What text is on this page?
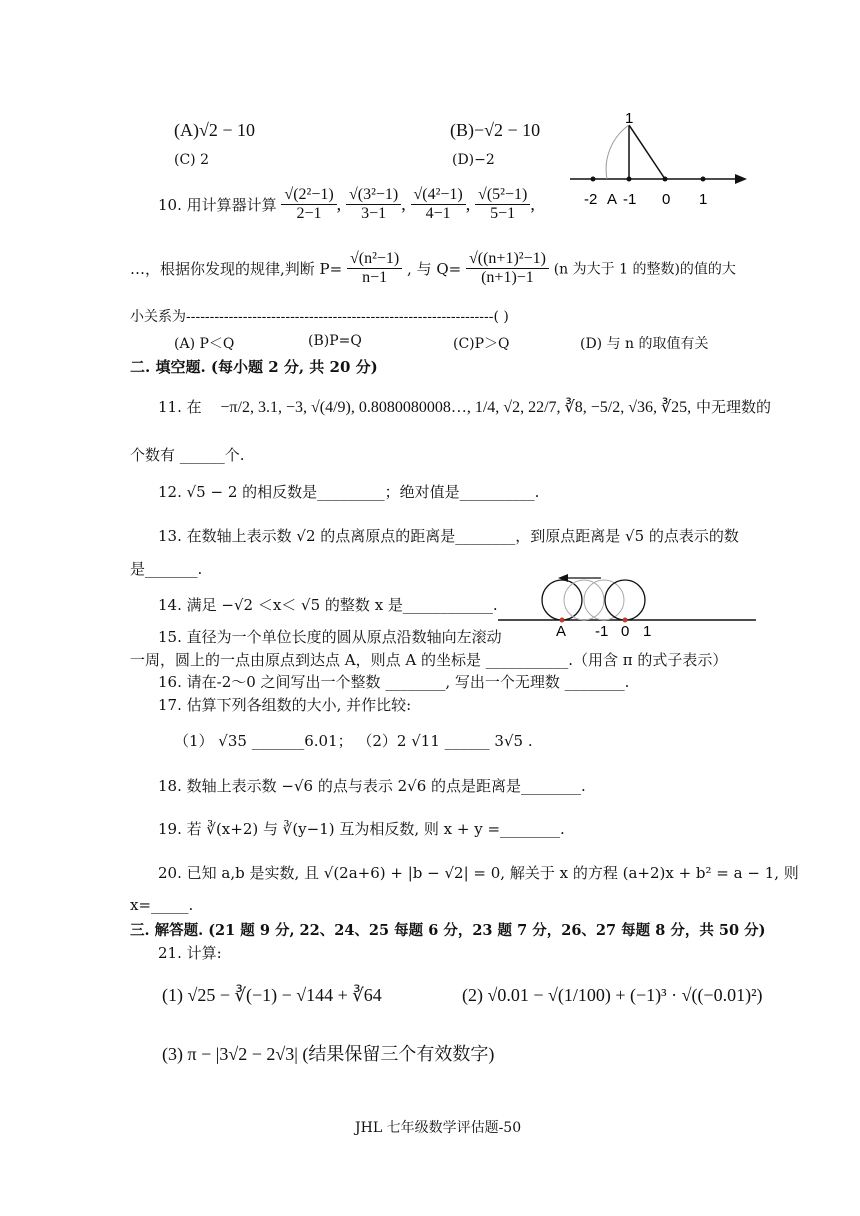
(A)√2 − 10	(B)−√2 − 10
(C) 2	(D)−2
1
-2 A -1 0 1
10. 用计算器计算 $\frac{\text{√(2²−1)}}{2-1}$ , $\frac{\text{√(3²−1)}}{3-1}$ , $\frac{\text{√(4²−1)}}{4-1}$ , $\frac{\text{√(5²−1)}}{5-1}$ ,
…，根据你发现的规律,判断 $P= \frac{\text{√(n²−1)}}{n-1}$ , 与 $Q= \frac{\text{√((n+1)²−1)}}{(n+1)-1} (n$ 为大于 1 的整数)的值的大
小关系为-----------------------------------------------------------------( )
(A) P＜Q	(B)P=Q	(C)P＞Q	(D) 与 n 的取值有关
二. 填空题. (每小题 2 分, 共 20 分)
11. 在 −π/2, 3.1, −3, √(4/9), 0.8080080008…, 1/4, √2, 22/7, ∛8, −5/2, √36, ∛25, 中无理数的
个数有 ______个.
12. √5 − 2 的相反数是_________；绝对值是__________.
13. 在数轴上表示数 √2 的点离原点的距离是________，到原点距离是 √5 的点表示的数
是_______.
14. 满足 −√2 ＜x＜ √5 的整数 x 是____________.
A -1 0 1
15. 直径为一个单位长度的圆从原点沿数轴向左滚动
一周，圆上的一点由原点到达点 A，则点 A 的坐标是 ___________.（用含 π 的式子表示）
16. 请在-2～0 之间写出一个整数 ________, 写出一个无理数 ________.
17. 估算下列各组数的大小, 并作比较:
（1） √35 _______6.01； （2）2 √11 ______ 3√5 .
18. 数轴上表示数 −√6 的点与表示 2√6 的点是距离是________.
19. 若 ∛(x+2) 与 ∛(y−1) 互为相反数, 则 x + y =________.
20. 已知 a,b 是实数, 且 √(2a+6) + |b − √2| = 0, 解关于 x 的方程 (a+2)x + b² = a − 1, 则
x=_____.
三. 解答题. (21 题 9 分, 22、24、25 每题 6 分，23 题 7 分，26、27 每题 8 分，共 50 分)
21. 计算:
(1) √25 − ∛(−1) − √144 + ∛64	(2) √0.01 − √(1/100) + (−1)³ · √((−0.01)²)
(3) π − |3√2 − 2√3| (结果保留三个有效数字)
JHL 七年级数学评估题-50
